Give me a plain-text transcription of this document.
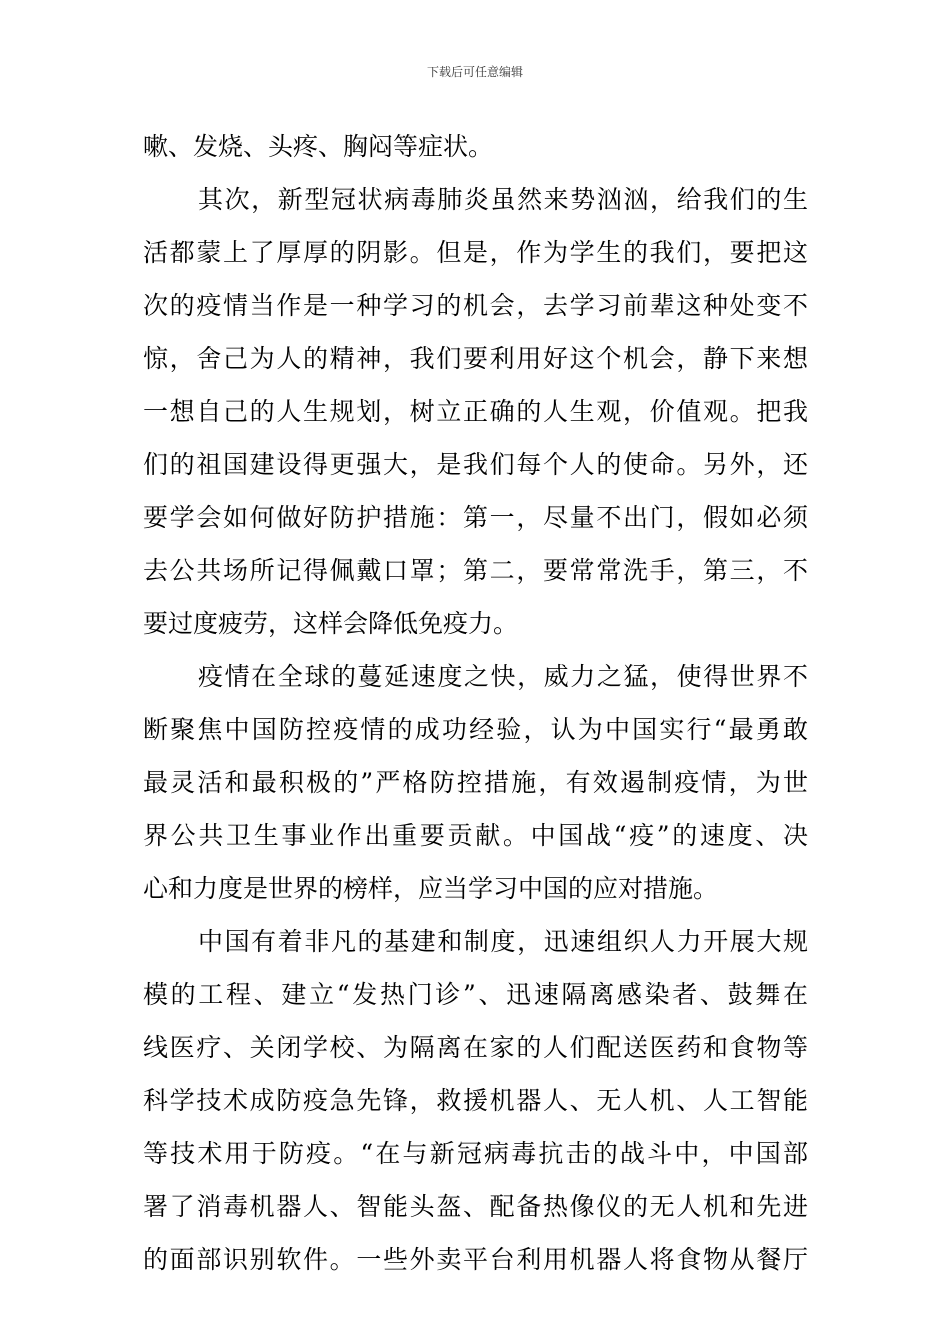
下载后可任意编辑
嗽、发烧、头疼、胸闷等症状。
其次，新型冠状病毒肺炎虽然来势汹汹，给我们的生
活都蒙上了厚厚的阴影。但是，作为学生的我们，要把这
次的疫情当作是一种学习的机会，去学习前辈这种处变不
惊，舍己为人的精神，我们要利用好这个机会，静下来想
一想自己的人生规划，树立正确的人生观，价值观。把我
们的祖国建设得更强大，是我们每个人的使命。另外，还
要学会如何做好防护措施：第一，尽量不出门，假如必须
去公共场所记得佩戴口罩；第二，要常常洗手，第三，不
要过度疲劳，这样会降低免疫力。
疫情在全球的蔓延速度之快，威力之猛，使得世界不
断聚焦中国防控疫情的成功经验，认为中国实行“最勇敢
最灵活和最积极的”严格防控措施，有效遏制疫情，为世
界公共卫生事业作出重要贡献。中国战“疫”的速度、决
心和力度是世界的榜样，应当学习中国的应对措施。
中国有着非凡的基建和制度，迅速组织人力开展大规
模的工程、建立“发热门诊”、迅速隔离感染者、鼓舞在
线医疗、关闭学校、为隔离在家的人们配送医药和食物等
科学技术成防疫急先锋，救援机器人、无人机、人工智能
等技术用于防疫。“在与新冠病毒抗击的战斗中，中国部
署了消毒机器人、智能头盔、配备热像仪的无人机和先进
的面部识别软件。一些外卖平台利用机器人将食物从餐厅
